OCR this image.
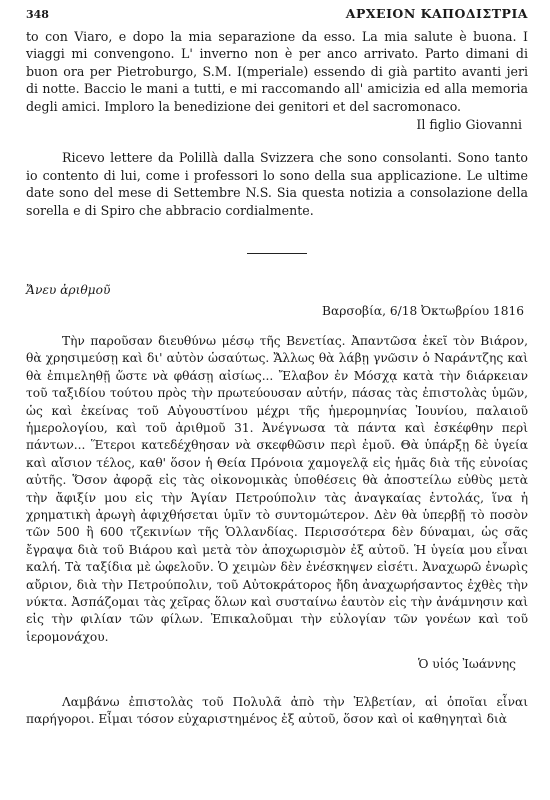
348	ΑΡΧΕΙΟΝ ΚΑΠΟΔΙΣΤΡΙΑ

to con Viaro, e dopo la mia separazione da esso. La mia salute è buona. I viaggi mi convengono. L' inverno non è per anco arrivato. Parto dimani di buon ora per Pietroburgo, S.M. I(mperiale) essendo di già partito avanti jeri di notte. Baccio le mani a tutti, e mi raccomando all' amicizia ed alla memoria degli amici. Imploro la benedizione dei genitori et del sacromonaco.

Il figlio Giovanni

Ricevo lettere da Polillà dalla Svizzera che sono consolanti. Sono tanto io contento di lui, come i professori lo sono della sua applicazione. Le ultime date sono del mese di Settembre N.S. Sia questa notizia a consolazione della sorella e di Spiro che abbracio cordialmente.

Ἄνευ ἀριθμοῦ

Βαρσοβία, 6/18 Ὀκτωβρίου 1816

Τὴν παροῦσαν διευθύνω μέσῳ τῆς Βενετίας. Ἀπαντῶσα ἐκεῖ τὸν Βιάρον, θὰ χρησιμεύσῃ καὶ δι' αὐτὸν ὡσαύτως. Ἄλλως θὰ λάβῃ γνῶσιν ὁ Ναράντζης καὶ θὰ ἐπιμεληθῇ ὥστε νὰ φθάσῃ αἰσίως... Ἔλαβον ἐν Μόσχᾳ κατὰ τὴν διάρκειαν τοῦ ταξιδίου τούτου πρὸς τὴν πρωτεύουσαν αὐτήν, πάσας τὰς ἐπιστολὰς ὑμῶν, ὡς καὶ ἐκείνας τοῦ Αὐγουστίνου μέχρι τῆς ἡμερομηνίας Ἰουνίου, παλαιοῦ ἡμερολογίου, καὶ τοῦ ἀριθμοῦ 31. Ἀνέγνωσα τὰ πάντα καὶ ἐσκέφθην περὶ πάντων... Ἕτεροι κατεδέχθησαν νὰ σκεφθῶσιν περὶ ἐμοῦ. Θὰ ὑπάρξῃ δὲ ὑγεία καὶ αἴσιον τέλος, καθ' ὅσον ἡ Θεία Πρόνοια χαμογελᾷ εἰς ἡμᾶς διὰ τῆς εὐνοίας αὐτῆς. Ὅσον ἀφορᾷ εἰς τὰς οἰκονομικὰς ὑποθέσεις θὰ ἀποστείλω εὐθὺς μετὰ τὴν ἄφιξίν μου εἰς τὴν Ἁγίαν Πετρούπολιν τὰς ἀναγκαίας ἐντολάς, ἵνα ἡ χρηματικὴ ἀρωγὴ ἀφιχθήσεται ὑμῖν τὸ συντομώτερον. Δὲν θὰ ὑπερβῇ τὸ ποσὸν τῶν 500 ἢ 600 τζεκινίων τῆς Ὁλλανδίας. Περισσότερα δὲν δύναμαι, ὡς σᾶς ἔγραψα διὰ τοῦ Βιάρου καὶ μετὰ τὸν ἀποχωρισμὸν ἐξ αὐτοῦ. Ἡ ὑγεία μου εἶναι καλή. Τὰ ταξίδια μὲ ὠφελοῦν. Ὁ χειμὼν δὲν ἐνέσκηψεν εἰσέτι. Ἀναχωρῶ ἐνωρὶς αὔριον, διὰ τὴν Πετρούπολιν, τοῦ Αὐτοκράτορος ἤδη ἀναχωρήσαντος ἐχθὲς τὴν νύκτα. Ἀσπάζομαι τὰς χεῖρας ὅλων καὶ συσταίνω ἑαυτὸν εἰς τὴν ἀνάμνησιν καὶ εἰς τὴν φιλίαν τῶν φίλων. Ἐπικαλοῦμαι τὴν εὐλογίαν τῶν γονέων καὶ τοῦ ἱερομονάχου.

Ὁ υἱός Ἰωάννης

Λαμβάνω ἐπιστολὰς τοῦ Πολυλᾶ ἀπὸ τὴν Ἑλβετίαν, αἱ ὁποῖαι εἶναι παρήγοροι. Εἶμαι τόσον εὐχαριστημένος ἐξ αὐτοῦ, ὅσον καὶ οἱ καθηγηταὶ διὰ
